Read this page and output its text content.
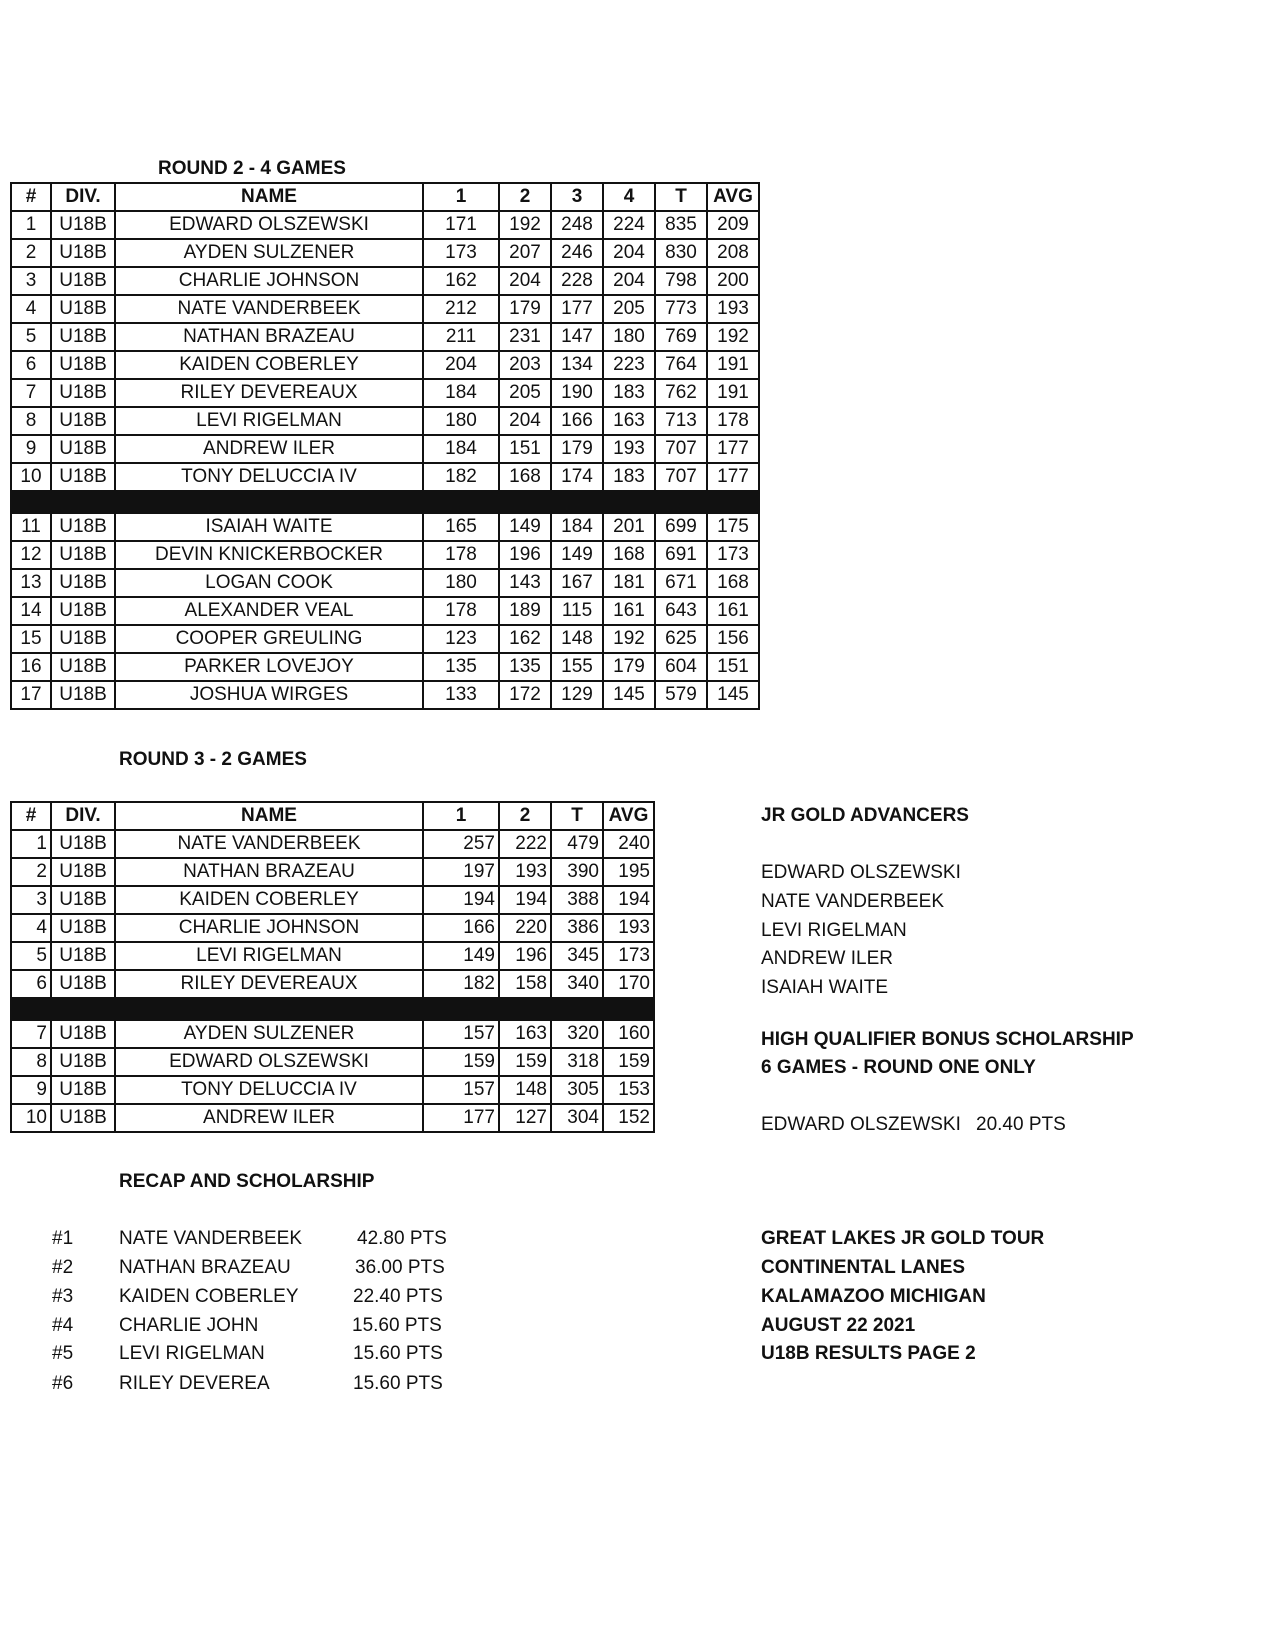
ROUND 2 - 4 GAMES
#	DIV.	NAME	1	2	3	4	T	AVG
1	U18B	EDWARD OLSZEWSKI	171	192	248	224	835	209
2	U18B	AYDEN SULZENER	173	207	246	204	830	208
3	U18B	CHARLIE JOHNSON	162	204	228	204	798	200
4	U18B	NATE VANDERBEEK	212	179	177	205	773	193
5	U18B	NATHAN BRAZEAU	211	231	147	180	769	192
6	U18B	KAIDEN COBERLEY	204	203	134	223	764	191
7	U18B	RILEY DEVEREAUX	184	205	190	183	762	191
8	U18B	LEVI RIGELMAN	180	204	166	163	713	178
9	U18B	ANDREW ILER	184	151	179	193	707	177
10	U18B	TONY DELUCCIA IV	182	168	174	183	707	177

11	U18B	ISAIAH WAITE	165	149	184	201	699	175
12	U18B	DEVIN KNICKERBOCKER	178	196	149	168	691	173
13	U18B	LOGAN COOK	180	143	167	181	671	168
14	U18B	ALEXANDER VEAL	178	189	115	161	643	161
15	U18B	COOPER GREULING	123	162	148	192	625	156
16	U18B	PARKER LOVEJOY	135	135	155	179	604	151
17	U18B	JOSHUA WIRGES	133	172	129	145	579	145
ROUND 3 - 2 GAMES
#	DIV.	NAME	1	2	T	AVG
1	U18B	NATE VANDERBEEK	257	222	479	240
2	U18B	NATHAN BRAZEAU	197	193	390	195
3	U18B	KAIDEN COBERLEY	194	194	388	194
4	U18B	CHARLIE JOHNSON	166	220	386	193
5	U18B	LEVI RIGELMAN	149	196	345	173
6	U18B	RILEY DEVEREAUX	182	158	340	170

7	U18B	AYDEN SULZENER	157	163	320	160
8	U18B	EDWARD OLSZEWSKI	159	159	318	159
9	U18B	TONY DELUCCIA IV	157	148	305	153
10	U18B	ANDREW ILER	177	127	304	152
JR GOLD ADVANCERS
EDWARD OLSZEWSKI
NATE VANDERBEEK
LEVI RIGELMAN
ANDREW ILER
ISAIAH WAITE
HIGH QUALIFIER BONUS SCHOLARSHIP
6 GAMES - ROUND ONE ONLY
EDWARD OLSZEWSKI 20.40 PTS
RECAP AND SCHOLARSHIP
#1 NATE VANDERBEEK	42.80 PTS
#2 NATHAN BRAZEAU	36.00 PTS
#3 KAIDEN COBERLEY	22.40 PTS
#4 CHARLIE JOHN	15.60 PTS
#5 LEVI RIGELMAN	15.60 PTS
#6 RILEY DEVEREA	15.60 PTS
GREAT LAKES JR GOLD TOUR
CONTINENTAL LANES
KALAMAZOO MICHIGAN
AUGUST 22 2021
U18B RESULTS PAGE 2
